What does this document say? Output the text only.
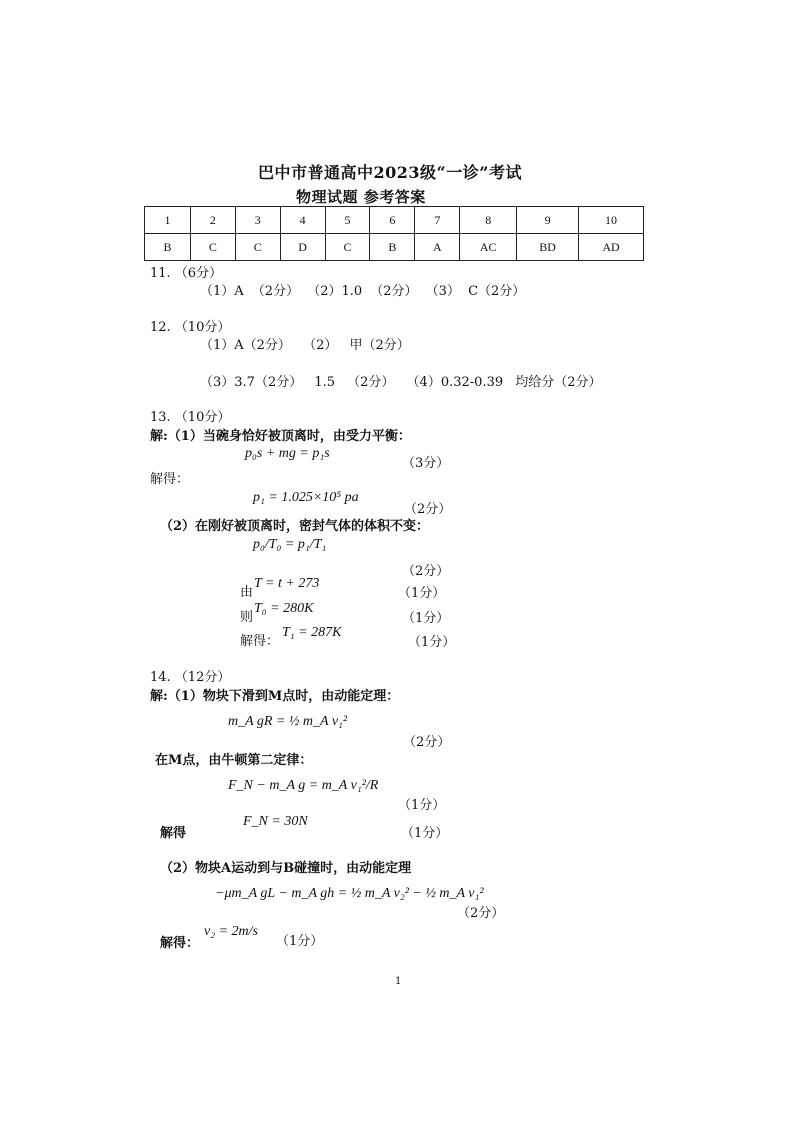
巴中市普通高中2023级“一诊”考试
物理试题 参考答案
1	2	3	4	5	6	7	8	9	10
B	C	C	D	C	B	A	AC	BD	AD
11. （6分）
（1）A （2分） （2）1.0 （2分） （3） C（2分）
12. （10分）
（1）A（2分） （2） 甲（2分）
（3）3.7（2分） 1.5 （2分） （4）0.32-0.39 均给分（2分）
13. （10分）
解:（1）当碗身恰好被顶离时，由受力平衡：
p₀s + mg = p₁s
（3分）
解得：
p₁ = 1.025×10⁵ pa
（2分）
（2）在刚好被顶离时，密封气体的体积不变：
p₀/T₀ = p₁/T₁
（2分）
由
T = t + 273
（1分）
则
T₀ = 280K
（1分）
解得：
T₁ = 287K
（1分）
14. （12分）
解:（1）物块下滑到M点时，由动能定理：
m_A gR = ½ m_A v₁²
（2分）
在M点，由牛顿第二定律：
F_N − m_A g = m_A v₁²/R
（1分）
解得
F_N = 30N
（1分）
（2）物块A运动到与B碰撞时，由动能定理
−μm_A gL − m_A gh = ½ m_A v₂² − ½ m_A v₁²
（2分）
解得：
v₂ = 2m/s
（1分）
1
